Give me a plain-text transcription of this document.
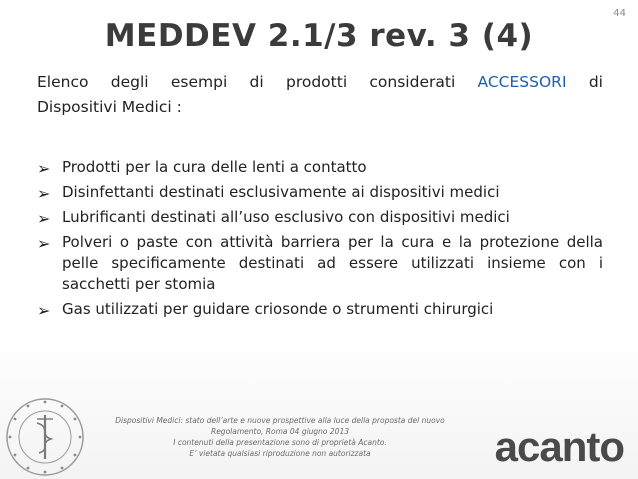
44
MEDDEV 2.1/3 rev. 3 (4)
Elenco degli esempi di prodotti considerati ACCESSORI di
Dispositivi Medici :
➢ Prodotti per la cura delle lenti a contatto
➢ Disinfettanti destinati esclusivamente ai dispositivi medici
➢ Lubrificanti destinati all’uso esclusivo con dispositivi medici
➢ Polveri o paste con attività barriera per la cura e la protezione della pelle specificamente destinati ad essere utilizzati insieme con i sacchetti per stomia
➢ Gas utilizzati per guidare criosonde o strumenti chirurgici
Dispositivi Medici: stato dell’arte e nuove prospettive alla luce della proposta del nuovo
Regolamento, Roma 04 giugno 2013
I contenuti della presentazione sono di proprietà Acanto.
E’ vietata qualsiasi riproduzione non autorizzata	acanto
